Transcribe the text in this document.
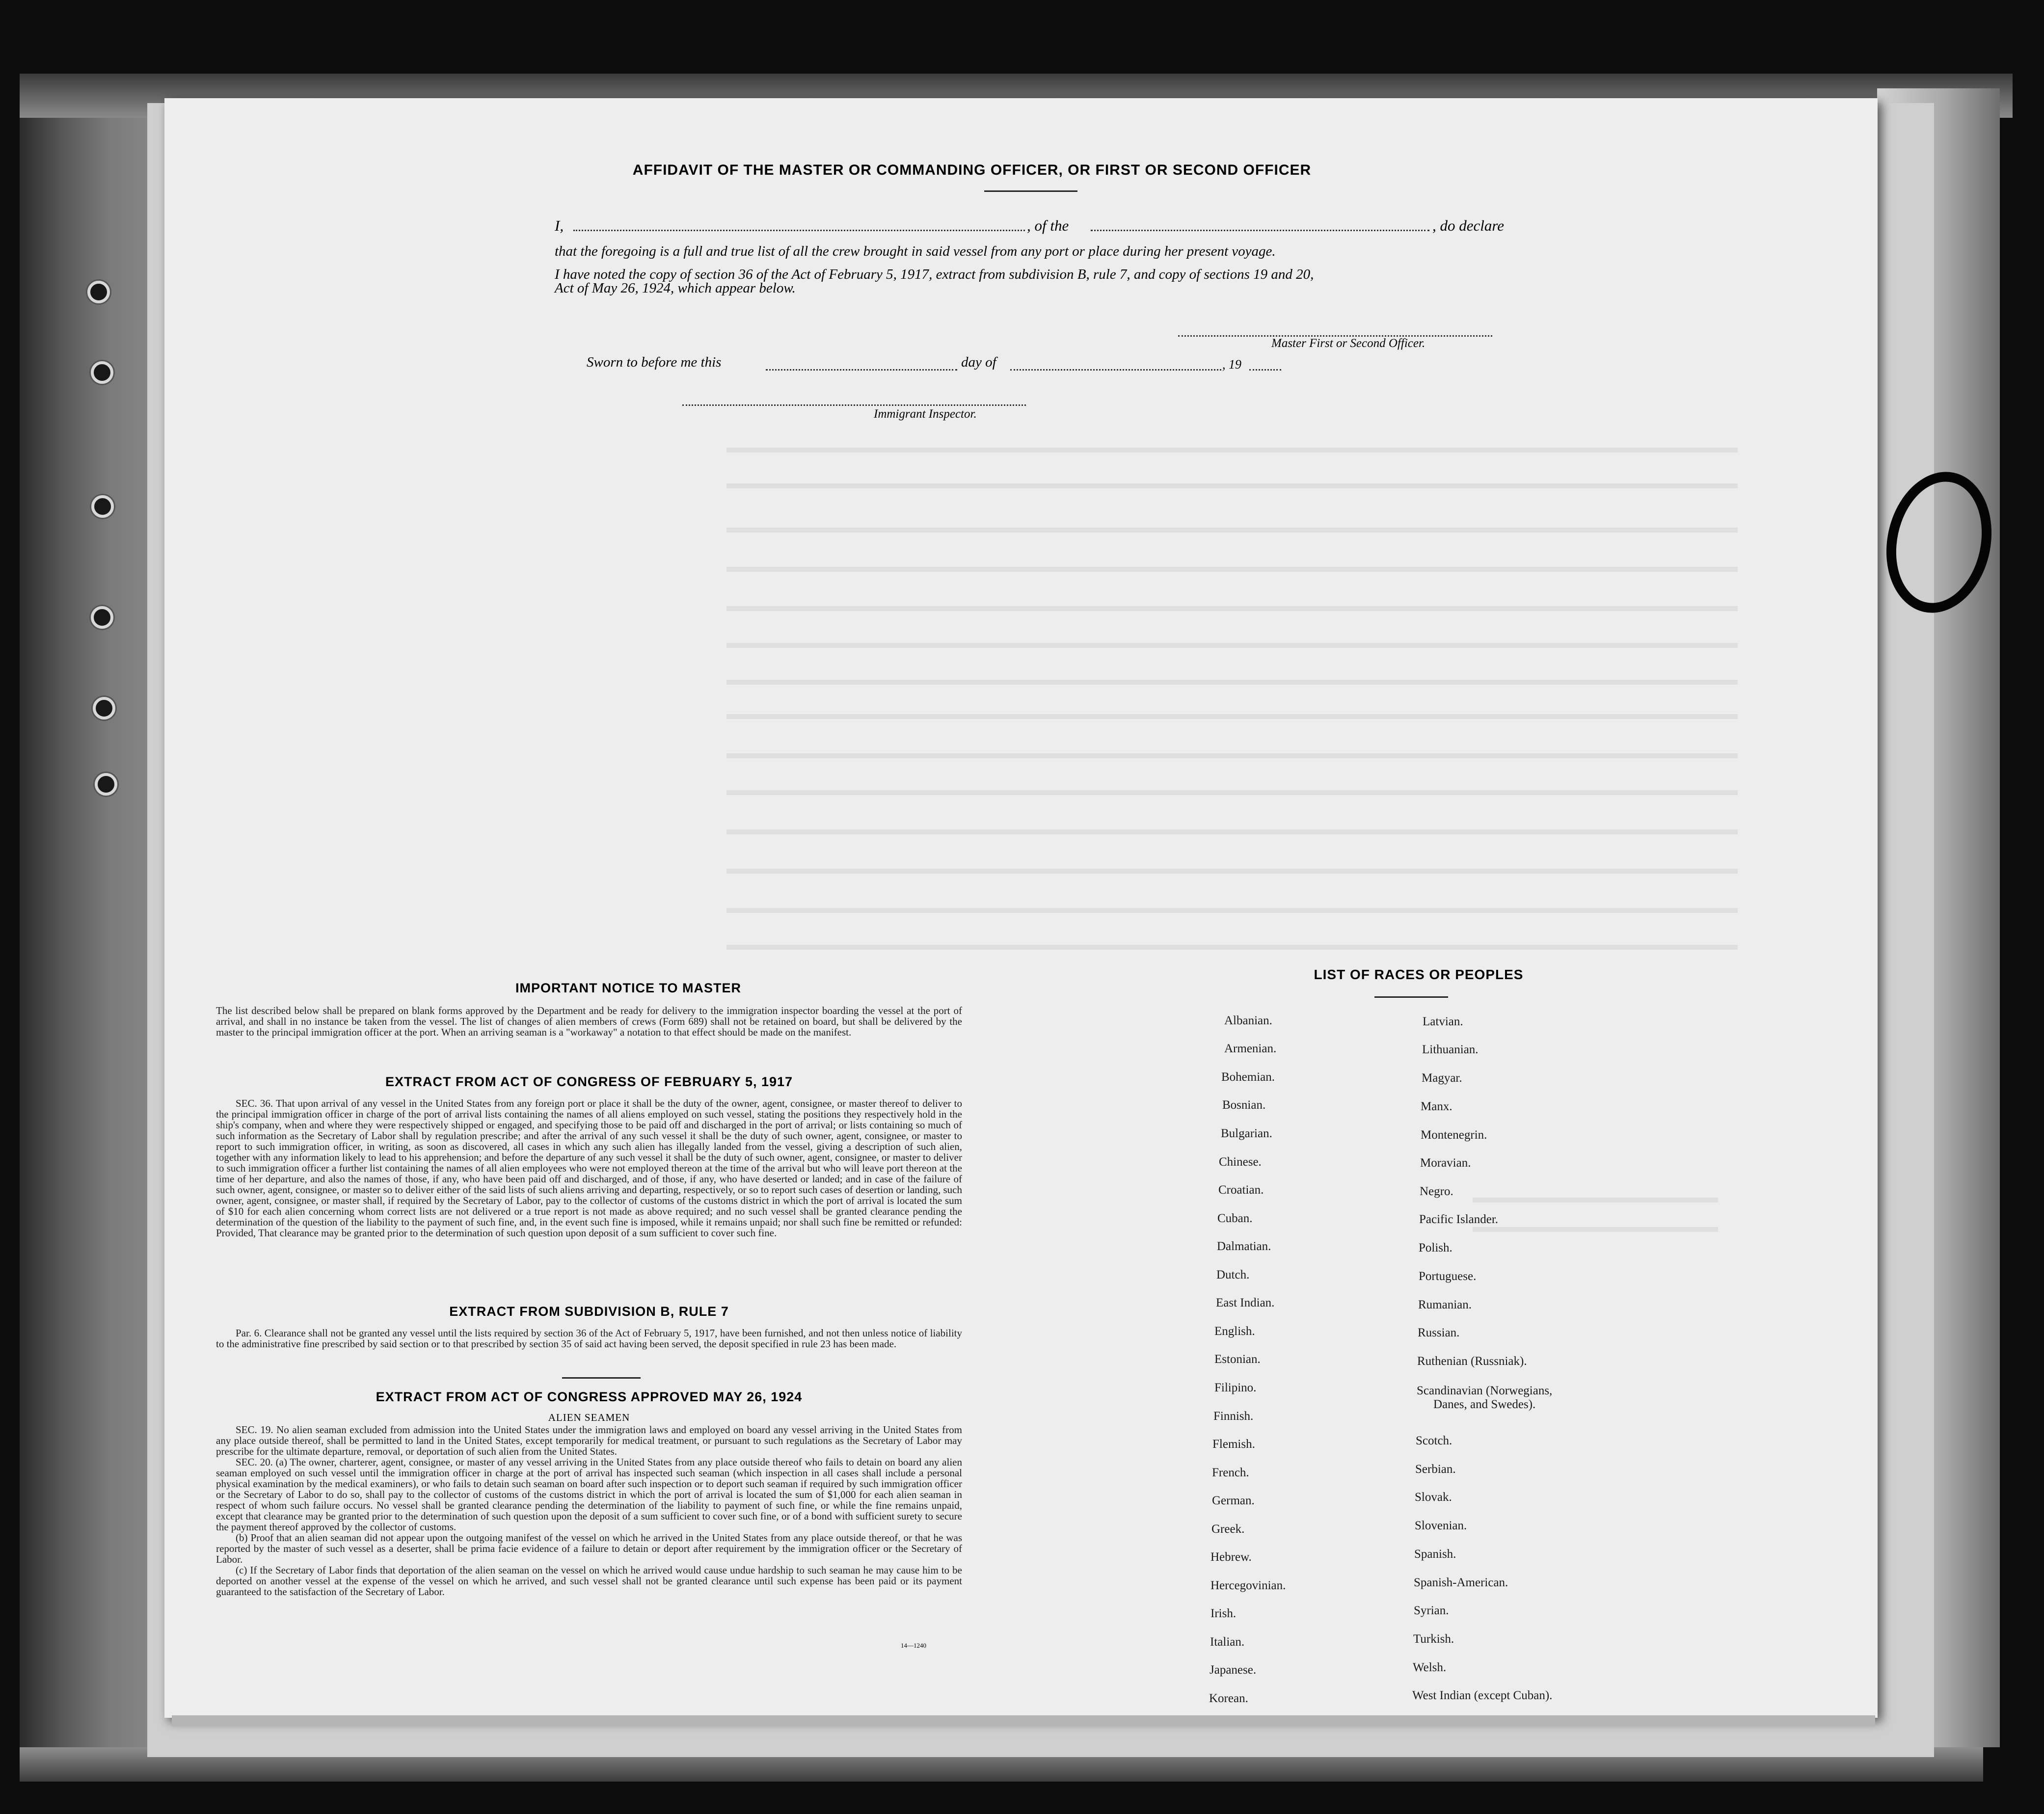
AFFIDAVIT OF THE MASTER OR COMMANDING OFFICER, OR FIRST OR SECOND OFFICER
I,	, of the	, do declare
that the foregoing is a full and true list of all the crew brought in said vessel from any port or place during her present voyage.
I have noted the copy of section 36 of the Act of February 5, 1917, extract from subdivision B, rule 7, and copy of sections 19 and 20,
Act of May 26, 1924, which appear below.
Master First or Second Officer.
Sworn to before me this	day of	, 19
Immigrant Inspector.
IMPORTANT NOTICE TO MASTER

The list described below shall be prepared on blank forms approved by the Department and be ready for delivery to the immigration inspector boarding the vessel at the port of arrival, and shall in no instance be taken from the vessel. The list of changes of alien members of crews (Form 689) shall not be retained on board, but shall be delivered by the master to the principal immigration officer at the port. When an arriving seaman is a "workaway" a notation to that effect should be made on the manifest.

EXTRACT FROM ACT OF CONGRESS OF FEBRUARY 5, 1917

SEC. 36. That upon arrival of any vessel in the United States from any foreign port or place it shall be the duty of the owner, agent, consignee, or master thereof to deliver to the principal immigration officer in charge of the port of arrival lists containing the names of all aliens employed on such vessel, stating the positions they respectively hold in the ship's company, when and where they were respectively shipped or engaged, and specifying those to be paid off and discharged in the port of arrival; or lists containing so much of such information as the Secretary of Labor shall by regulation prescribe; and after the arrival of any such vessel it shall be the duty of such owner, agent, consignee, or master to report to such immigration officer, in writing, as soon as discovered, all cases in which any such alien has illegally landed from the vessel, giving a description of such alien, together with any information likely to lead to his apprehension; and before the departure of any such vessel it shall be the duty of such owner, agent, consignee, or master to deliver to such immigration officer a further list containing the names of all alien employees who were not employed thereon at the time of the arrival but who will leave port thereon at the time of her departure, and also the names of those, if any, who have been paid off and discharged, and of those, if any, who have deserted or landed; and in case of the failure of such owner, agent, consignee, or master so to deliver either of the said lists of such aliens arriving and departing, respectively, or so to report such cases of desertion or landing, such owner, agent, consignee, or master shall, if required by the Secretary of Labor, pay to the collector of customs of the customs district in which the port of arrival is located the sum of $10 for each alien concerning whom correct lists are not delivered or a true report is not made as above required; and no such vessel shall be granted clearance pending the determination of the question of the liability to the payment of such fine, and, in the event such fine is imposed, while it remains unpaid; nor shall such fine be remitted or refunded: Provided, That clearance may be granted prior to the determination of such question upon deposit of a sum sufficient to cover such fine.

EXTRACT FROM SUBDIVISION B, RULE 7

Par. 6. Clearance shall not be granted any vessel until the lists required by section 36 of the Act of February 5, 1917, have been furnished, and not then unless notice of liability to the administrative fine prescribed by said section or to that prescribed by section 35 of said act having been served, the deposit specified in rule 23 has been made.

EXTRACT FROM ACT OF CONGRESS APPROVED MAY 26, 1924
ALIEN SEAMEN

SEC. 19. No alien seaman excluded from admission into the United States under the immigration laws and employed on board any vessel arriving in the United States from any place outside thereof, shall be permitted to land in the United States, except temporarily for medical treatment, or pursuant to such regulations as the Secretary of Labor may prescribe for the ultimate departure, removal, or deportation of such alien from the United States.

SEC. 20. (a) The owner, charterer, agent, consignee, or master of any vessel arriving in the United States from any place outside thereof who fails to detain on board any alien seaman employed on such vessel until the immigration officer in charge at the port of arrival has inspected such seaman (which inspection in all cases shall include a personal physical examination by the medical examiners), or who fails to detain such seaman on board after such inspection or to deport such seaman if required by such immigration officer or the Secretary of Labor to do so, shall pay to the collector of customs of the customs district in which the port of arrival is located the sum of $1,000 for each alien seaman in respect of whom such failure occurs. No vessel shall be granted clearance pending the determination of the liability to payment of such fine, or while the fine remains unpaid, except that clearance may be granted prior to the determination of such question upon the deposit of a sum sufficient to cover such fine, or of a bond with sufficient surety to secure the payment thereof approved by the collector of customs.

(b) Proof that an alien seaman did not appear upon the outgoing manifest of the vessel on which he arrived in the United States from any place outside thereof, or that he was reported by the master of such vessel as a deserter, shall be prima facie evidence of a failure to detain or deport after requirement by the immigration officer or the Secretary of Labor.

(c) If the Secretary of Labor finds that deportation of the alien seaman on the vessel on which he arrived would cause undue hardship to such seaman he may cause him to be deported on another vessel at the expense of the vessel on which he arrived, and such vessel shall not be granted clearance until such expense has been paid or its payment guaranteed to the satisfaction of the Secretary of Labor.

14—1240
LIST OF RACES OR PEOPLES
Albanian.
Armenian.
Bohemian.
Bosnian.
Bulgarian.
Chinese.
Croatian.
Cuban.
Dalmatian.
Dutch.
East Indian.
English.
Estonian.
Filipino.
Finnish.
Flemish.
French.
German.
Greek.
Hebrew.
Hercegovinian.
Irish.
Italian.
Japanese.
Korean.
Latvian.
Lithuanian.
Magyar.
Manx.
Montenegrin.
Moravian.
Negro.
Pacific Islander.
Polish.
Portuguese.
Rumanian.
Russian.
Ruthenian (Russniak).
Scandinavian (Norwegians,
Danes, and Swedes).
Scotch.
Serbian.
Slovak.
Slovenian.
Spanish.
Spanish-American.
Syrian.
Turkish.
Welsh.
West Indian (except Cuban).
